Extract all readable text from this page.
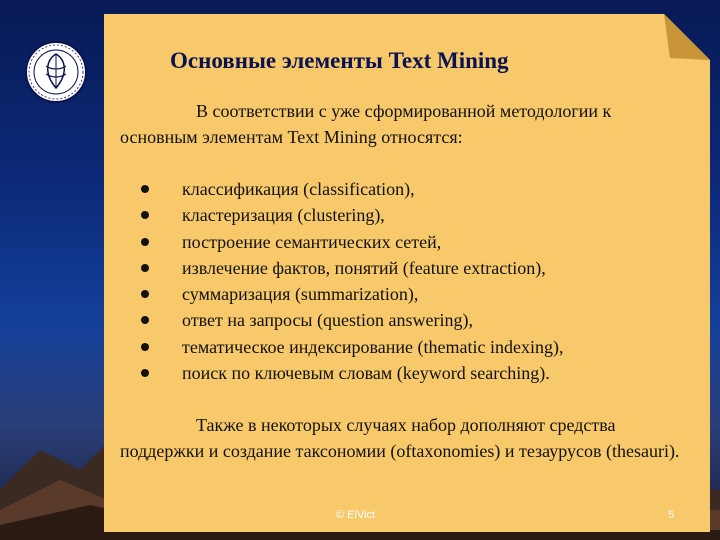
Основные элементы Text Mining
В соответствии с уже сформированной методологии к основным элементам Text Mining относятся:
классификация (classification),
кластеризация (clustering),
построение семантических сетей,
извлечение фактов, понятий (feature extraction),
суммаризация (summarization),
ответ на запросы (question answering),
тематическое индексирование (thematic indexing),
поиск по ключевым словам (keyword searching).
Также в некоторых случаях набор дополняют средства поддержки и создание таксономии (oftaxonomies) и тезаурусов (thesauri).
© ElVict	5
